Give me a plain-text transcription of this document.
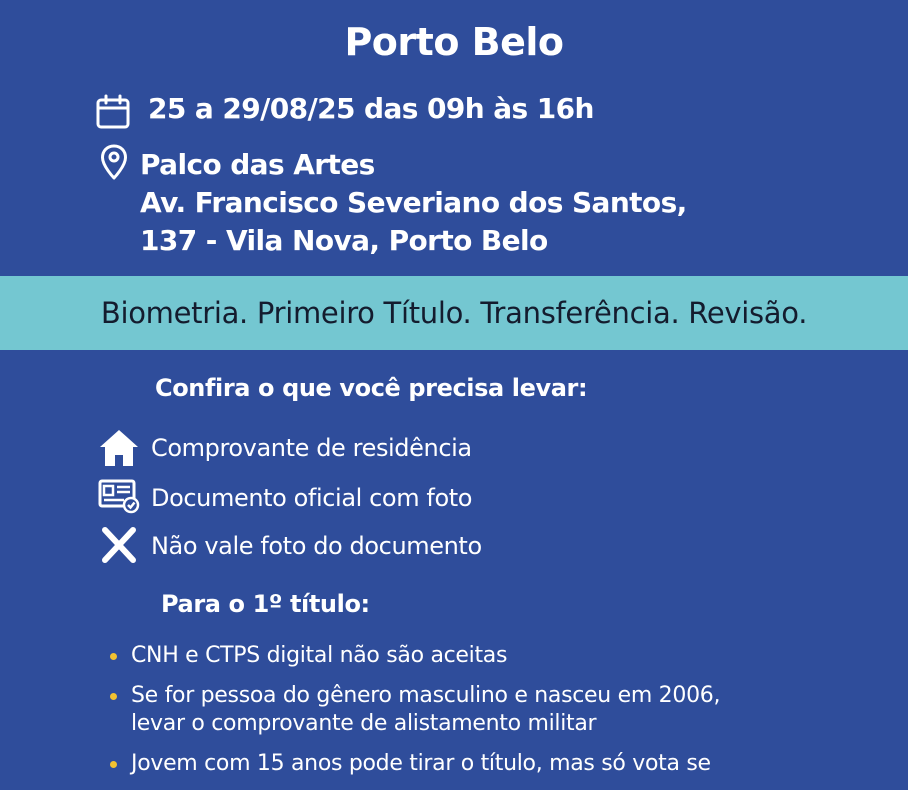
Porto Belo
25 a 29/08/25 das 09h às 16h
Palco das Artes
Av. Francisco Severiano dos Santos,
137 - Vila Nova, Porto Belo
Biometria. Primeiro Título. Transferência. Revisão.
Confira o que você precisa levar:
Comprovante de residência
Documento oficial com foto
Não vale foto do documento
Para o 1º título:
CNH e CTPS digital não são aceitas
Se for pessoa do gênero masculino e nasceu em 2006, levar o comprovante de alistamento militar
Jovem com 15 anos pode tirar o título, mas só vota se
